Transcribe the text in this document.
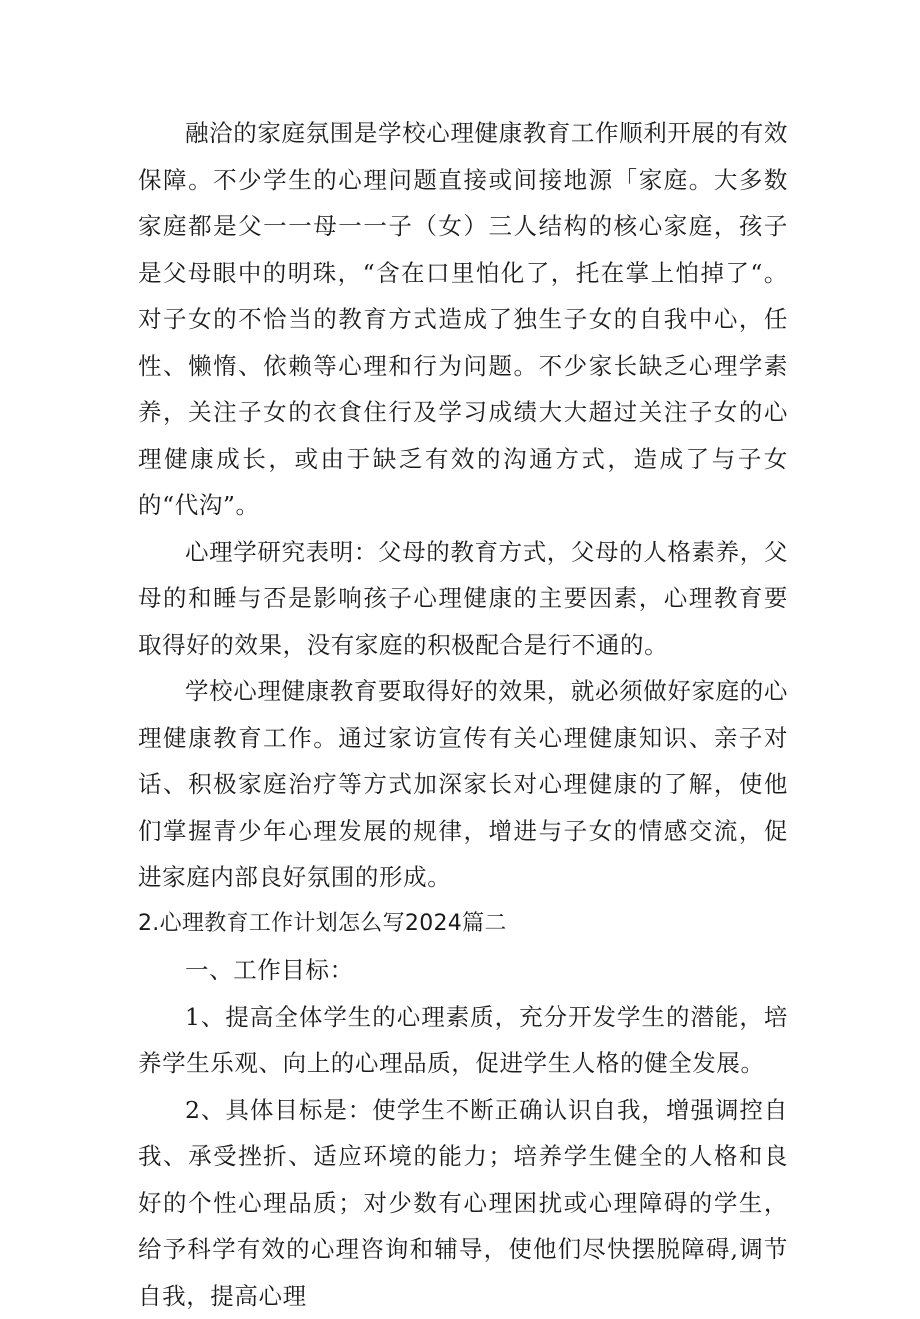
融洽的家庭氛围是学校心理健康教育工作顺利开展的有效保障。不少学生的心理问题直接或间接地源「家庭。大多数家庭都是父一一母一一子（女）三人结构的核心家庭，孩子是父母眼中的明珠，“含在口里怕化了，托在掌上怕掉了“。对子女的不恰当的教育方式造成了独生子女的自我中心，任性、懒惰、依赖等心理和行为问题。不少家长缺乏心理学素养，关注子女的衣食住行及学习成绩大大超过关注子女的心理健康成长，或由于缺乏有效的沟通方式，造成了与子女的“代沟”。

心理学研究表明：父母的教育方式，父母的人格素养，父母的和睡与否是影响孩子心理健康的主要因素，心理教育要取得好的效果，没有家庭的积极配合是行不通的。

学校心理健康教育要取得好的效果，就必须做好家庭的心理健康教育工作。通过家访宣传有关心理健康知识、亲子对话、积极家庭治疗等方式加深家长对心理健康的了解，使他们掌握青少年心理发展的规律，增进与子女的情感交流，促进家庭内部良好氛围的形成。

2.心理教育工作计划怎么写2024篇二

一、工作目标：

1、提高全体学生的心理素质，充分开发学生的潜能，培养学生乐观、向上的心理品质，促进学生人格的健全发展。

2、具体目标是：使学生不断正确认识自我，增强调控自我、承受挫折、适应环境的能力；培养学生健全的人格和良好的个性心理品质；对少数有心理困扰或心理障碍的学生，给予科学有效的心理咨询和辅导，使他们尽快摆脱障碍,调节自我，提高心理
